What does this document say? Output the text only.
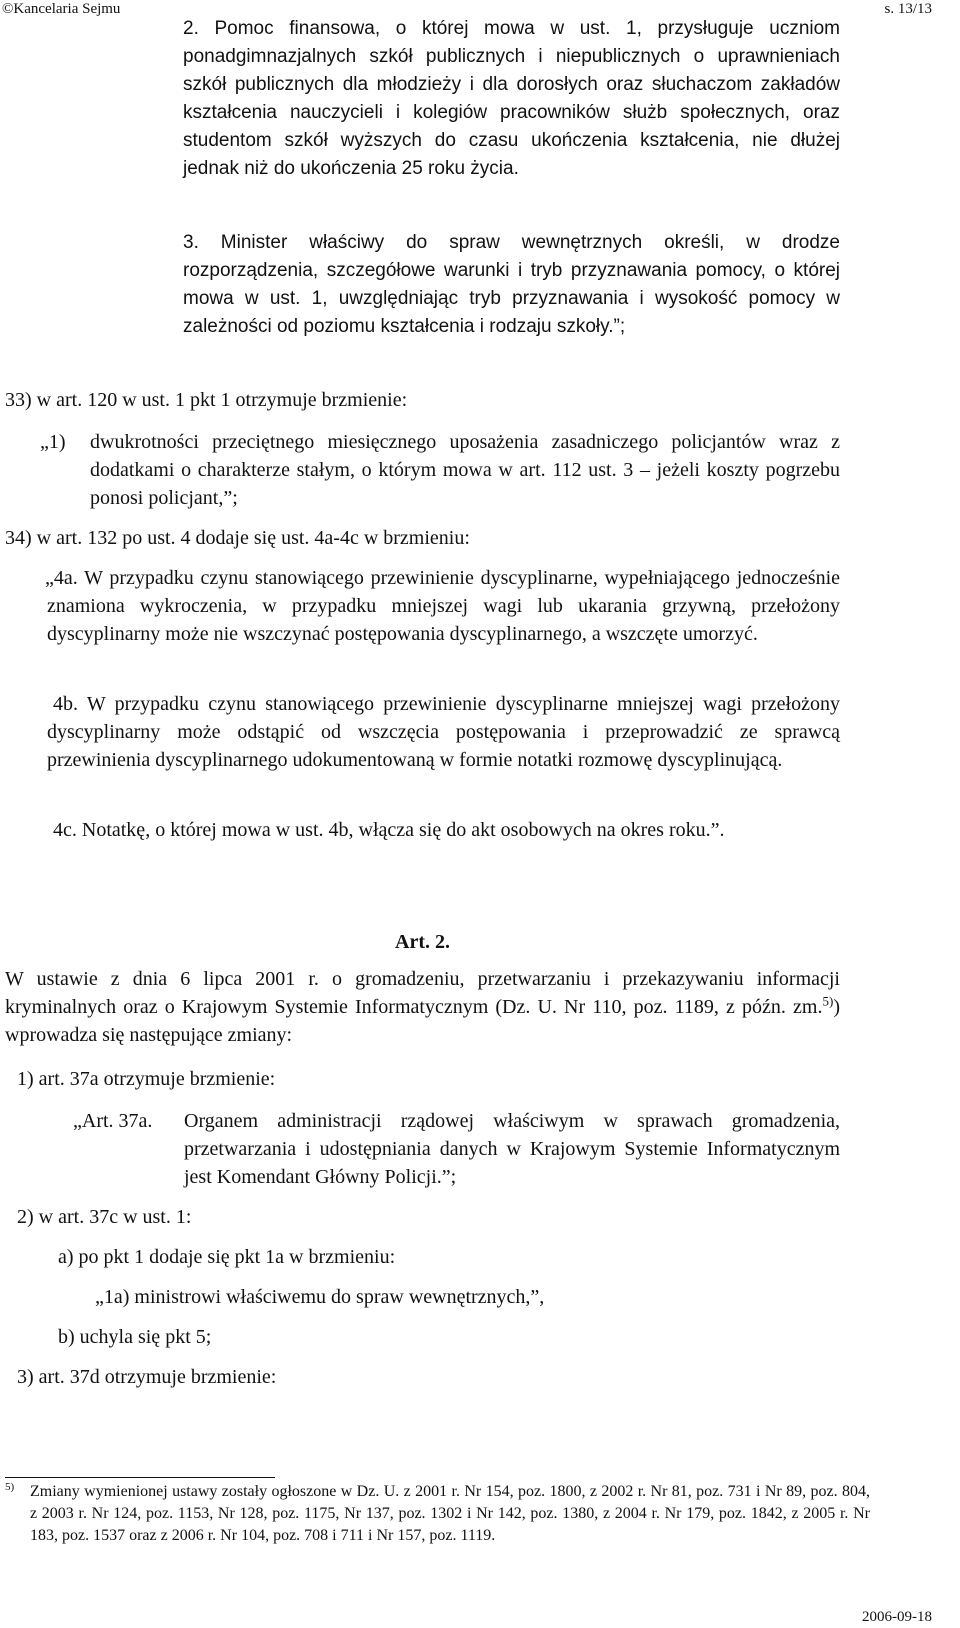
©Kancelaria Sejmu	s. 13/13
2. Pomoc finansowa, o której mowa w ust. 1, przysługuje uczniom ponadgimnazjalnych szkół publicznych i niepublicznych o uprawnieniach szkół publicznych dla młodzieży i dla dorosłych oraz słuchaczom zakładów kształcenia nauczycieli i kolegiów pracowników służb społecznych, oraz studentom szkół wyższych do czasu ukończenia kształcenia, nie dłużej jednak niż do ukończenia 25 roku życia.
3. Minister właściwy do spraw wewnętrznych określi, w drodze rozporządzenia, szczegółowe warunki i tryb przyznawania pomocy, o której mowa w ust. 1, uwzględniając tryb przyznawania i wysokość pomocy w zależności od poziomu kształcenia i rodzaju szkoły.”;
33) w art. 120 w ust. 1 pkt 1 otrzymuje brzmienie:
„1) dwukrotności przeciętnego miesięcznego uposażenia zasadniczego policjantów wraz z dodatkami o charakterze stałym, o którym mowa w art. 112 ust. 3 – jeżeli koszty pogrzebu ponosi policjant,”;
34) w art. 132 po ust. 4 dodaje się ust. 4a-4c w brzmieniu:
„4a. W przypadku czynu stanowiącego przewinienie dyscyplinarne, wypełniającego jednocześnie znamiona wykroczenia, w przypadku mniejszej wagi lub ukarania grzywną, przełożony dyscyplinarny może nie wszczynać postępowania dyscyplinarnego, a wszczęte umorzyć.
4b. W przypadku czynu stanowiącego przewinienie dyscyplinarne mniejszej wagi przełożony dyscyplinarny może odstąpić od wszczęcia postępowania i przeprowadzić ze sprawcą przewinienia dyscyplinarnego udokumentowaną w formie notatki rozmowę dyscyplinującą.
4c. Notatkę, o której mowa w ust. 4b, włącza się do akt osobowych na okres roku.”.
Art. 2.
W ustawie z dnia 6 lipca 2001 r. o gromadzeniu, przetwarzaniu i przekazywaniu informacji kryminalnych oraz o Krajowym Systemie Informatycznym (Dz. U. Nr 110, poz. 1189, z późn. zm.$^{5)}$) wprowadza się następujące zmiany:
1) art. 37a otrzymuje brzmienie:
„Art. 37a. Organem administracji rządowej właściwym w sprawach gromadzenia, przetwarzania i udostępniania danych w Krajowym Systemie Informatycznym jest Komendant Główny Policji.”;
2) w art. 37c w ust. 1:
a) po pkt 1 dodaje się pkt 1a w brzmieniu:
„1a) ministrowi właściwemu do spraw wewnętrznych,”,
b) uchyla się pkt 5;
3) art. 37d otrzymuje brzmienie:
5) Zmiany wymienionej ustawy zostały ogłoszone w Dz. U. z 2001 r. Nr 154, poz. 1800, z 2002 r. Nr 81, poz. 731 i Nr 89, poz. 804, z 2003 r. Nr 124, poz. 1153, Nr 128, poz. 1175, Nr 137, poz. 1302 i Nr 142, poz. 1380, z 2004 r. Nr 179, poz. 1842, z 2005 r. Nr 183, poz. 1537 oraz z 2006 r. Nr 104, poz. 708 i 711 i Nr 157, poz. 1119.
2006-09-18
